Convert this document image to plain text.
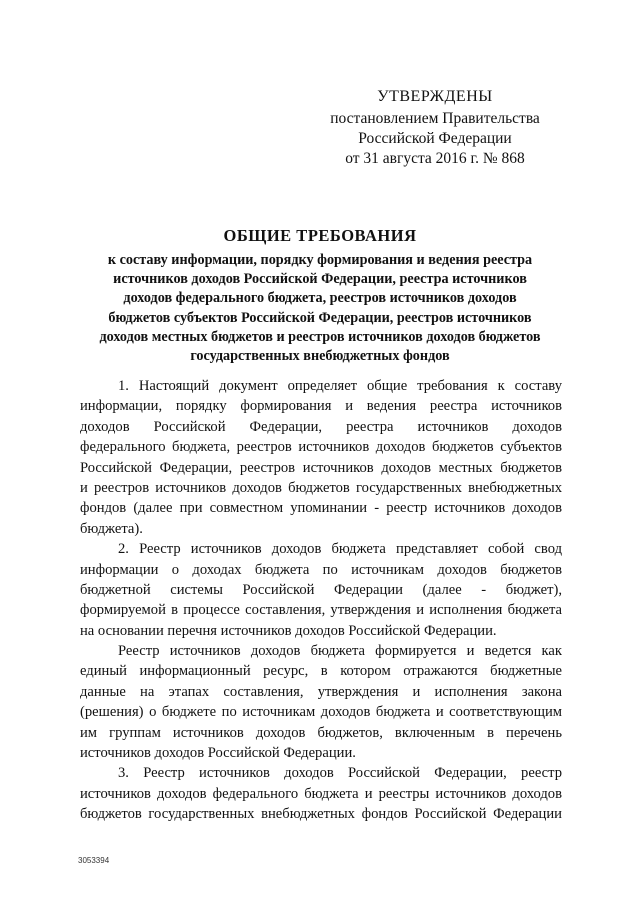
УТВЕРЖДЕНЫ
постановлением Правительства
Российской Федерации
от 31 августа 2016 г. № 868
ОБЩИЕ ТРЕБОВАНИЯ
к составу информации, порядку формирования и ведения реестра
источников доходов Российской Федерации, реестра источников
доходов федерального бюджета, реестров источников доходов
бюджетов субъектов Российской Федерации, реестров источников
доходов местных бюджетов и реестров источников доходов бюджетов
государственных внебюджетных фондов
1. Настоящий документ определяет общие требования к составу
информации, порядку формирования и ведения реестра источников
доходов Российской Федерации, реестра источников доходов
федерального бюджета, реестров источников доходов бюджетов субъектов
Российской Федерации, реестров источников доходов местных бюджетов
и реестров источников доходов бюджетов государственных внебюджетных
фондов (далее при совместном упоминании - реестр источников доходов
бюджета).
2. Реестр источников доходов бюджета представляет собой свод
информации о доходах бюджета по источникам доходов бюджетов
бюджетной системы Российской Федерации (далее - бюджет),
формируемой в процессе составления, утверждения и исполнения бюджета
на основании перечня источников доходов Российской Федерации.
Реестр источников доходов бюджета формируется и ведется как
единый информационный ресурс, в котором отражаются бюджетные
данные на этапах составления, утверждения и исполнения закона
(решения) о бюджете по источникам доходов бюджета и соответствующим
им группам источников доходов бюджетов, включенным в перечень
источников доходов Российской Федерации.
3. Реестр источников доходов Российской Федерации, реестр
источников доходов федерального бюджета и реестры источников доходов
бюджетов государственных внебюджетных фондов Российской Федерации
3053394
